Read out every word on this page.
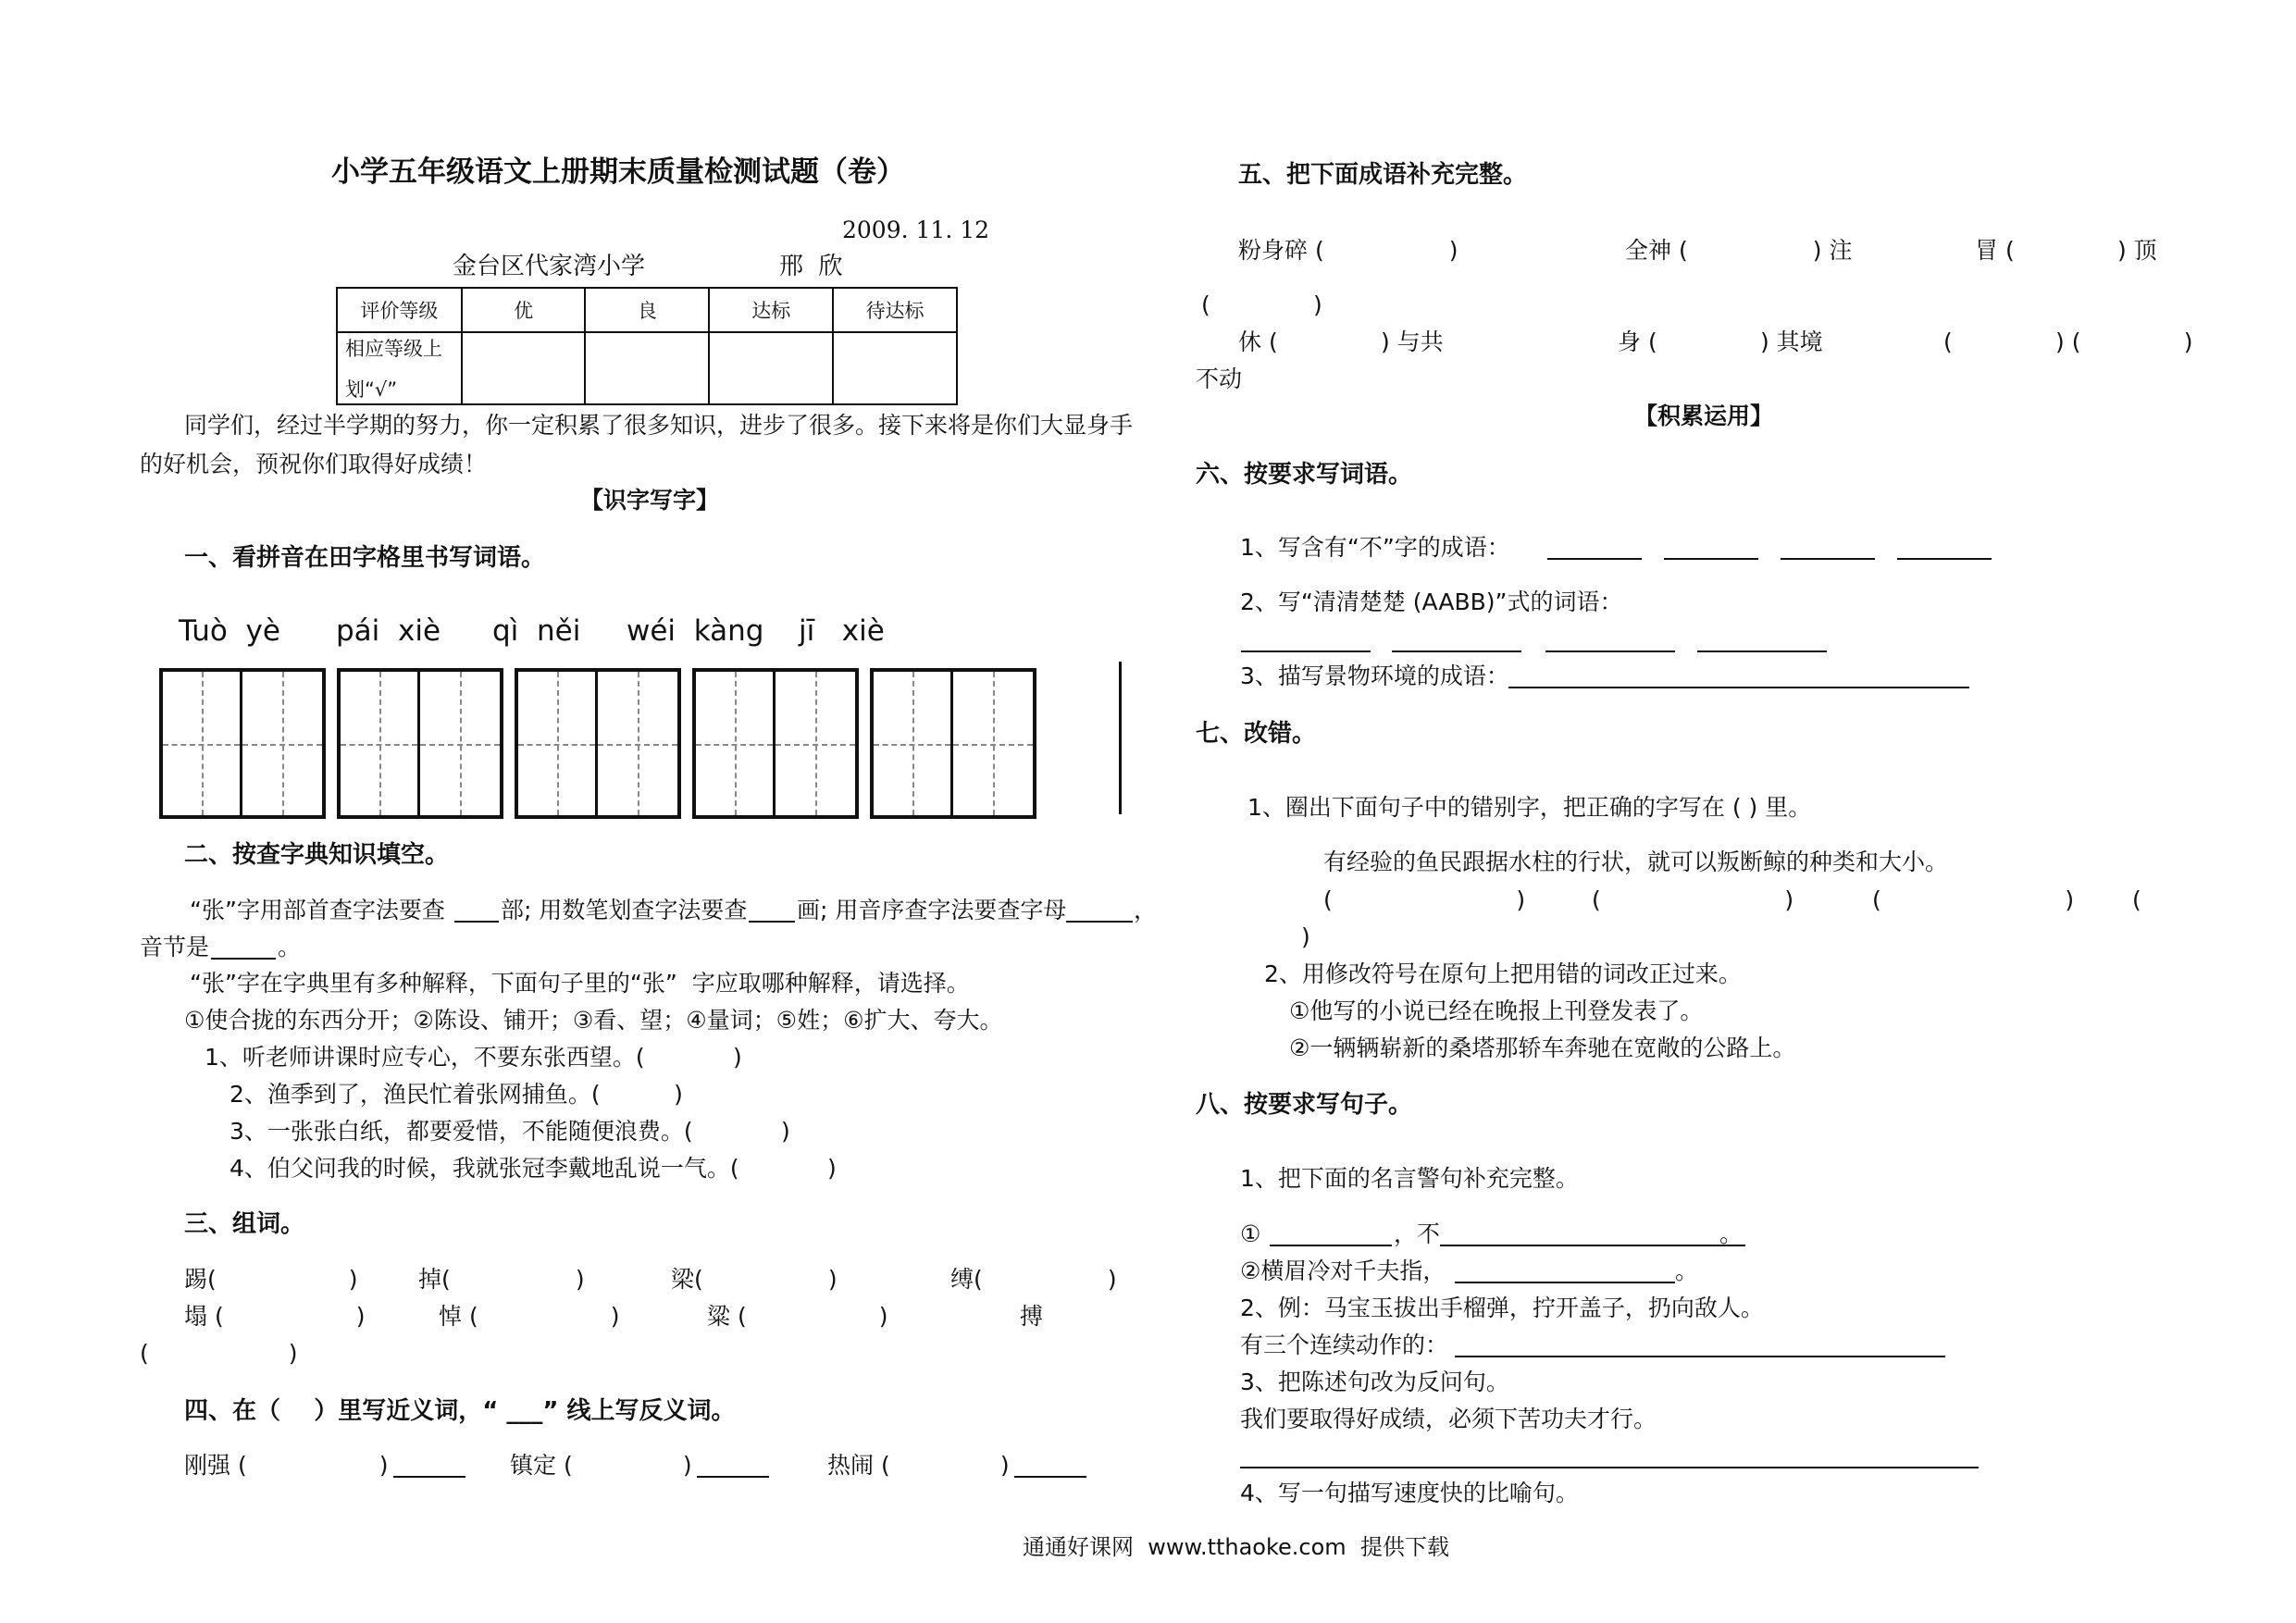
小学五年级语文上册期末质量检测试题（卷）
2009. 11. 12
金台区代家湾小学	邢  欣
评价等级	优	良	达标	待达标

相应等级上
划“√”				

同学们，经过半学期的努力，你一定积累了很多知识，进步了很多。接下来将是你们大显身手
的好机会，预祝你们取得好成绩！
【识字写字】
一、看拼音在田字格里书写词语。
Tuò  yè pái  xiè qì  něi wéi  kàng jī   xiè
二、按查字典知识填空。
“张”字用部首查字法要查 部; 用数笔划查字法要查 画; 用音序查字法要查字母	，
音节是	。
“张”字在字典里有多种解释，下面句子里的“张”  字应取哪种解释，请选择。
①使合拢的东西分开；②陈设、铺开；③看、望；④量词；⑤姓；⑥扩大、夸大。
1、听老师讲课时应专心，不要东张西望。(            )
2、渔季到了，渔民忙着张网捕鱼。(          )
3、一张张白纸，都要爱惜，不能随便浪费。(            )
4、伯父问我的时候，我就张冠李戴地乱说一气。(            )
三、组词。
踢(                  )	掉(                 )	梁(                 )	缚(                 )
塌 (                  )	悼 (                  )	粱 (                  )	搏
(                   )
四、在（    ）里写近义词，“ ___” 线上写反义词。
刚强 (                  )	镇定 (               )	热闹 (               )
五、把下面成语补充完整。
粉身碎 (                 )	全神 (                 ) 注	冒 (              ) 顶
(              )
休 (              ) 与共	身 (              ) 其境	(              ) (              )
不动
【积累运用】
六、按要求写词语。
1、写含有“不”字的成语：
2、写“清清楚楚 (AABB)”式的词语：
3、描写景物环境的成语：
七、改错。
1、圈出下面句子中的错别字，把正确的字写在 ( ) 里。
有经验的鱼民跟据水柱的行状，就可以叛断鲸的种类和大小。
(                         )	(                         )	(                         )	(
)
2、用修改符号在原句上把用错的词改正过来。
①他写的小说已经在晚报上刊登发表了。
②一辆辆崭新的桑塔那轿车奔驰在宽敞的公路上。
八、按要求写句子。
1、把下面的名言警句补充完整。
①	，不	。
②横眉冷对千夫指，	。
2、例：马宝玉拔出手榴弹，拧开盖子，扔向敌人。
有三个连续动作的：
3、把陈述句改为反问句。
我们要取得好成绩，必须下苦功夫才行。
4、写一句描写速度快的比喻句。
通通好课网  www.tthaoke.com  提供下载
